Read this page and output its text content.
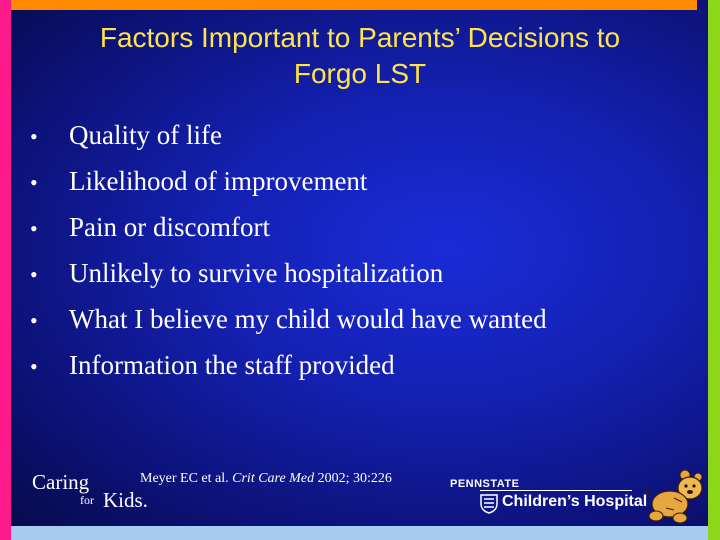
Factors Important to Parents’ Decisions to
Forgo LST
• Quality of life
• Likelihood of improvement
• Pain or discomfort
• Unlikely to survive hospitalization
• What I believe my child would have wanted
• Information the staff provided
Caring
for Kids.
Meyer EC et al. Crit Care Med 2002; 30:226	PENNSTATE
Children’s Hospital
